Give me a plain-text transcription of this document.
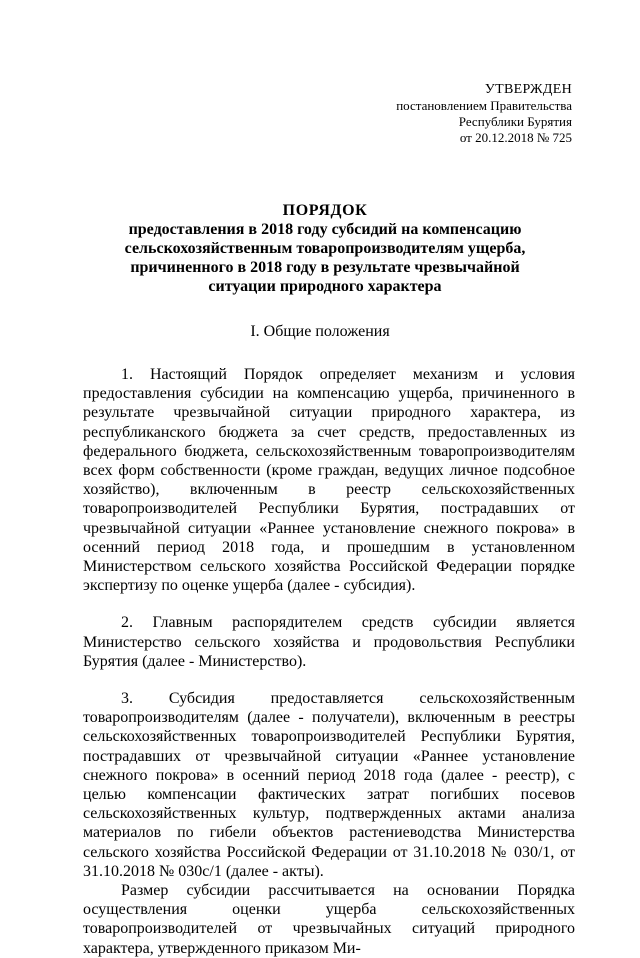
УТВЕРЖДЕН
постановлением Правительства
Республики Бурятия
от 20.12.2018 № 725
ПОРЯДОК
предоставления в 2018 году субсидий на компенсацию
сельскохозяйственным товаропроизводителям ущерба,
причиненного в 2018 году в результате чрезвычайной
ситуации природного характера
I. Общие положения

1. Настоящий Порядок определяет механизм и условия предоставления субсидии на компенсацию ущерба, причиненного в результате чрезвычайной ситуации природного характера, из республиканского бюджета за счет средств, предоставленных из федерального бюджета, сельскохозяйственным товаропроизводителям всех форм собственности (кроме граждан, ведущих личное подсобное хозяйство), включенным в реестр сельскохозяйственных товаропроизводителей Республики Бурятия, пострадавших от чрезвычайной ситуации «Раннее установление снежного покрова» в осенний период 2018 года, и прошедшим в установленном Министерством сельского хозяйства Российской Федерации порядке экспертизу по оценке ущерба (далее - субсидия).

2. Главным распорядителем средств субсидии является Министерство сельского хозяйства и продовольствия Республики Бурятия (далее - Министерство).

3. Субсидия предоставляется сельскохозяйственным товаропроизводителям (далее - получатели), включенным в реестры сельскохозяйственных товаропроизводителей Республики Бурятия, пострадавших от чрезвычайной ситуации «Раннее установление снежного покрова» в осенний период 2018 года (далее - реестр), с целью компенсации фактических затрат погибших посевов сельскохозяйственных культур, подтвержденных актами анализа материалов по гибели объектов растениеводства Министерства сельского хозяйства Российской Федерации от 31.10.2018 № 030/1, от 31.10.2018 № 030с/1 (далее - акты).

Размер субсидии рассчитывается на основании Порядка осуществления оценки ущерба сельскохозяйственных товаропроизводителей от чрезвычайных ситуаций природного характера, утвержденного приказом Ми-
